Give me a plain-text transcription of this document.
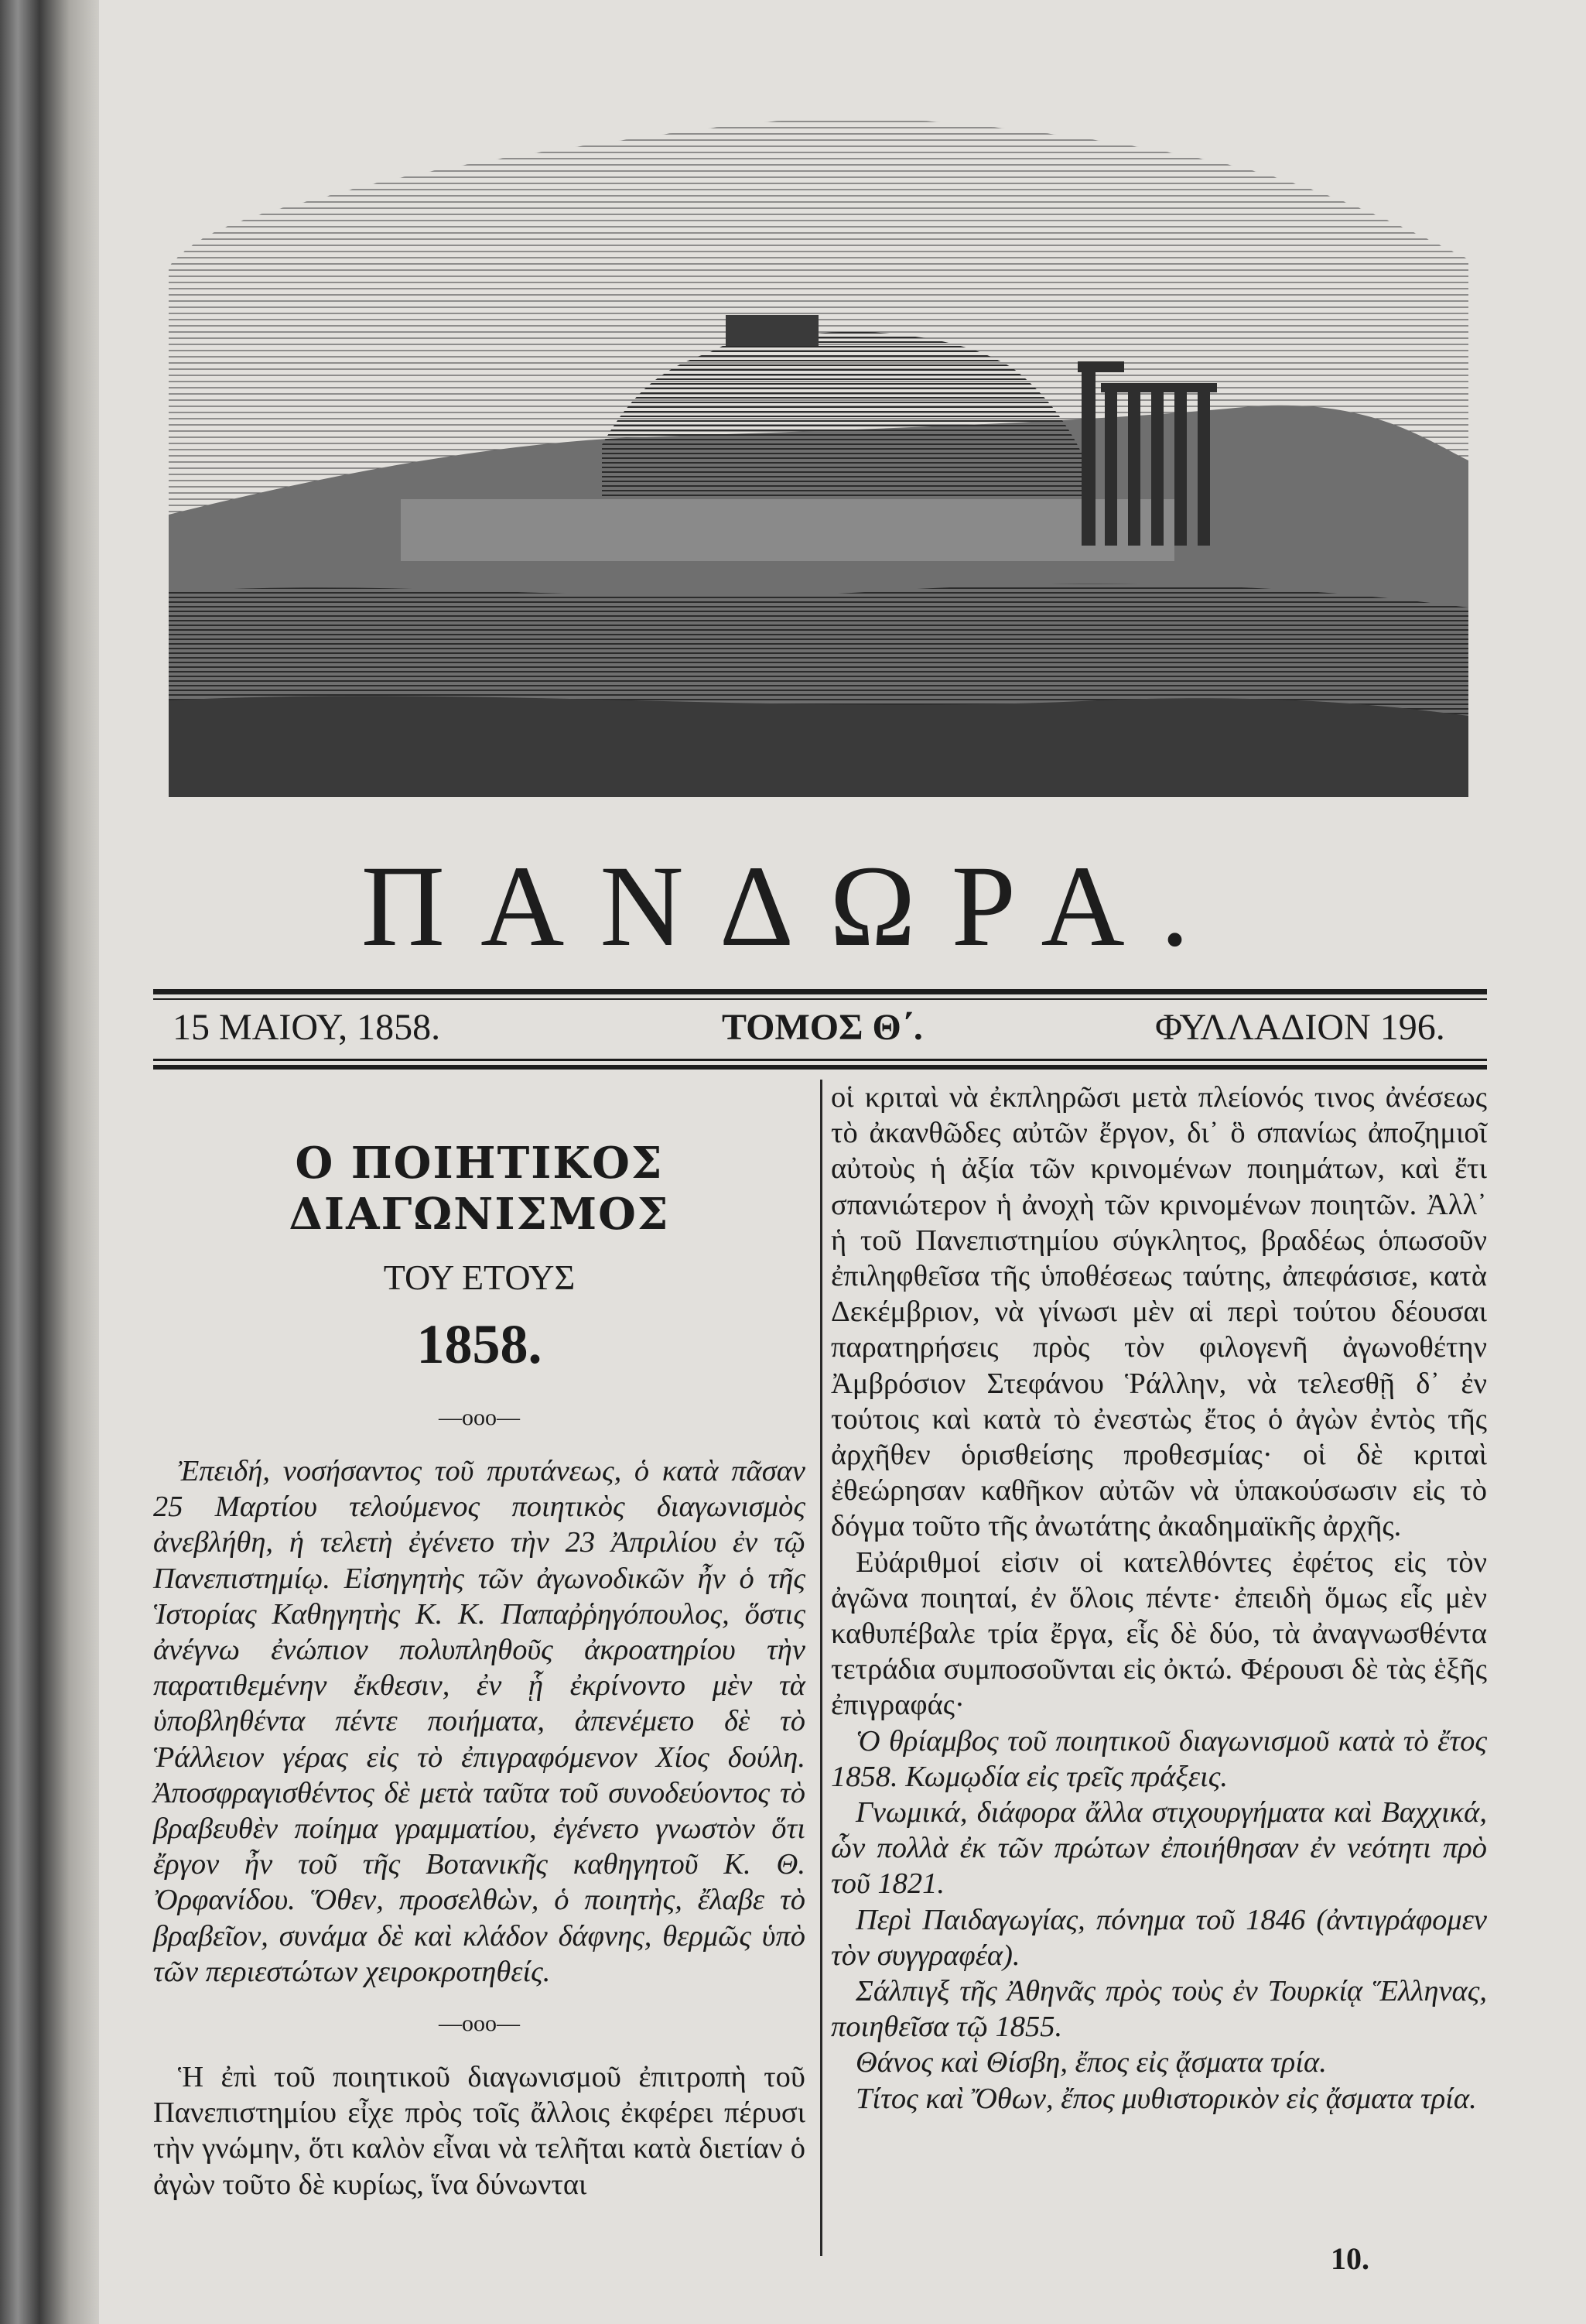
ΠΑΝΔΩΡΑ.
15 ΜΑΙΟΥ, 1858.	ΤΟΜΟΣ Θ΄.	ΦΥΛΛΑΔΙΟΝ 196.
Ο ΠΟΙΗΤΙΚΟΣ ΔΙΑΓΩΝΙΣΜΟΣ
ΤΟΥ ΕΤΟΥΣ
1858.
—οοο—

Ἐπειδή, νοσήσαντος τοῦ πρυτάνεως, ὁ κατὰ πᾶσαν 25 Μαρτίου τελούμενος ποιητικὸς διαγωνισμὸς ἀνεβλήθη, ἡ τελετὴ ἐγένετο τὴν 23 Ἀπριλίου ἐν τῷ Πανεπιστημίῳ. Εἰσηγητὴς τῶν ἀγωνοδικῶν ἦν ὁ τῆς Ἱστορίας Καθηγητὴς Κ. Κ. Παπαῤῥηγόπουλος, ὅστις ἀνέγνω ἐνώπιον πολυπληθοῦς ἀκροατηρίου τὴν παρατιθεμένην ἔκθεσιν, ἐν ᾗ ἐκρίνοντο μὲν τὰ ὑποβληθέντα πέντε ποιήματα, ἀπενέμετο δὲ τὸ Ῥάλλειον γέρας εἰς τὸ ἐπιγραφόμενον Χίος δούλη. Ἀποσφραγισθέντος δὲ μετὰ ταῦτα τοῦ συνοδεύοντος τὸ βραβευθὲν ποίημα γραμματίου, ἐγένετο γνωστὸν ὅτι ἔργον ἦν τοῦ τῆς Βοτανικῆς καθηγητοῦ Κ. Θ. Ὀρφανίδου. Ὅθεν, προσελθὼν, ὁ ποιητὴς, ἔλαβε τὸ βραβεῖον, συνάμα δὲ καὶ κλάδον δάφνης, θερμῶς ὑπὸ τῶν περιεστώτων χειροκροτηθείς.

—οοο—

Ἡ ἐπὶ τοῦ ποιητικοῦ διαγωνισμοῦ ἐπιτροπὴ τοῦ Πανεπιστημίου εἶχε πρὸς τοῖς ἄλλοις ἐκφέρει πέρυσι τὴν γνώμην, ὅτι καλὸν εἶναι νὰ τελῆται κατὰ διετίαν ὁ ἀγὼν τοῦτο δὲ κυρίως, ἵνα δύνωνται

οἱ κριταὶ νὰ ἐκπληρῶσι μετὰ πλείονός τινος ἀνέσεως τὸ ἀκανθῶδες αὐτῶν ἔργον, δι᾽ ὃ σπανίως ἀποζημιοῖ αὐτοὺς ἡ ἀξία τῶν κρινομένων ποιημάτων, καὶ ἔτι σπανιώτερον ἡ ἀνοχὴ τῶν κρινομένων ποιητῶν. Ἀλλ᾽ ἡ τοῦ Πανεπιστημίου σύγκλητος, βραδέως ὁπωσοῦν ἐπιληφθεῖσα τῆς ὑποθέσεως ταύτης, ἀπεφάσισε, κατὰ Δεκέμβριον, νὰ γίνωσι μὲν αἱ περὶ τούτου δέουσαι παρατηρήσεις πρὸς τὸν φιλογενῆ ἀγωνοθέτην Ἀμβρόσιον Στεφάνου Ῥάλλην, νὰ τελεσθῇ δ᾽ ἐν τούτοις καὶ κατὰ τὸ ἐνεστὼς ἔτος ὁ ἀγὼν ἐντὸς τῆς ἀρχῆθεν ὁρισθείσης προθεσμίας· οἱ δὲ κριταὶ ἐθεώρησαν καθῆκον αὐτῶν νὰ ὑπακούσωσιν εἰς τὸ δόγμα τοῦτο τῆς ἀνωτάτης ἀκαδημαϊκῆς ἀρχῆς.

Εὐάριθμοί εἰσιν οἱ κατελθόντες ἐφέτος εἰς τὸν ἀγῶνα ποιηταί, ἐν ὅλοις πέντε· ἐπειδὴ ὅμως εἷς μὲν καθυπέβαλε τρία ἔργα, εἷς δὲ δύο, τὰ ἀναγνωσθέντα τετράδια συμποσοῦνται εἰς ὀκτώ. Φέρουσι δὲ τὰς ἑξῆς ἐπιγραφάς·

Ὁ θρίαμβος τοῦ ποιητικοῦ διαγωνισμοῦ κατὰ τὸ ἔτος 1858. Κωμῳδία εἰς τρεῖς πράξεις.

Γνωμικά, διάφορα ἄλλα στιχουργήματα καὶ Βαχχικά, ὧν πολλὰ ἐκ τῶν πρώτων ἐποιήθησαν ἐν νεότητι πρὸ τοῦ 1821.

Περὶ Παιδαγωγίας, πόνημα τοῦ 1846 (ἀντιγράφομεν τὸν συγγραφέα).

Σάλπιγξ τῆς Ἀθηνᾶς πρὸς τοὺς ἐν Τουρκίᾳ Ἕλληνας, ποιηθεῖσα τῷ 1855.

Θάνος καὶ Θίσβη, ἔπος εἰς ᾄσματα τρία.

Τίτος καὶ Ὄθων, ἔπος μυθιστορικὸν εἰς ᾄσματα τρία.

10.
